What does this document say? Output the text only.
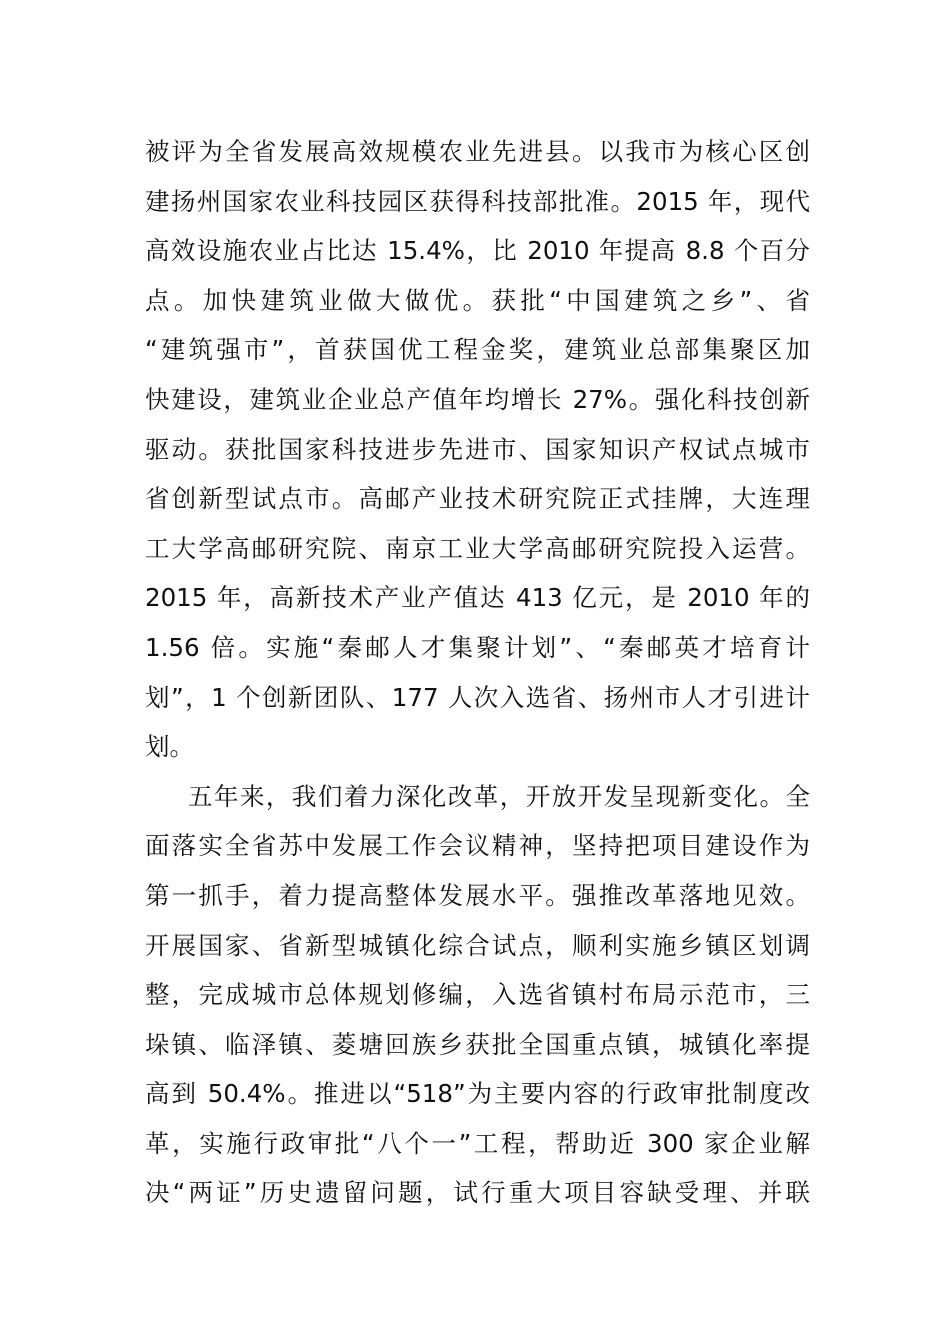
被评为全省发展高效规模农业先进县。以我市为核心区创
建扬州国家农业科技园区获得科技部批准。2015 年，现代
高效设施农业占比达 15.4%，比 2010 年提高 8.8 个百分
点。加快建筑业做大做优。获批“中国建筑之乡”、省
“建筑强市”，首获国优工程金奖，建筑业总部集聚区加
快建设，建筑业企业总产值年均增长 27%。强化科技创新
驱动。获批国家科技进步先进市、国家知识产权试点城市
省创新型试点市。高邮产业技术研究院正式挂牌，大连理
工大学高邮研究院、南京工业大学高邮研究院投入运营。
2015 年，高新技术产业产值达 413 亿元，是 2010 年的
1.56 倍。实施“秦邮人才集聚计划”、“秦邮英才培育计
划”，1 个创新团队、177 人次入选省、扬州市人才引进计
划。
五年来，我们着力深化改革，开放开发呈现新变化。全
面落实全省苏中发展工作会议精神，坚持把项目建设作为
第一抓手，着力提高整体发展水平。强推改革落地见效。
开展国家、省新型城镇化综合试点，顺利实施乡镇区划调
整，完成城市总体规划修编，入选省镇村布局示范市，三
垛镇、临泽镇、菱塘回族乡获批全国重点镇，城镇化率提
高到 50.4%。推进以“518”为主要内容的行政审批制度改
革，实施行政审批“八个一”工程，帮助近 300 家企业解
决“两证”历史遗留问题，试行重大项目容缺受理、并联
